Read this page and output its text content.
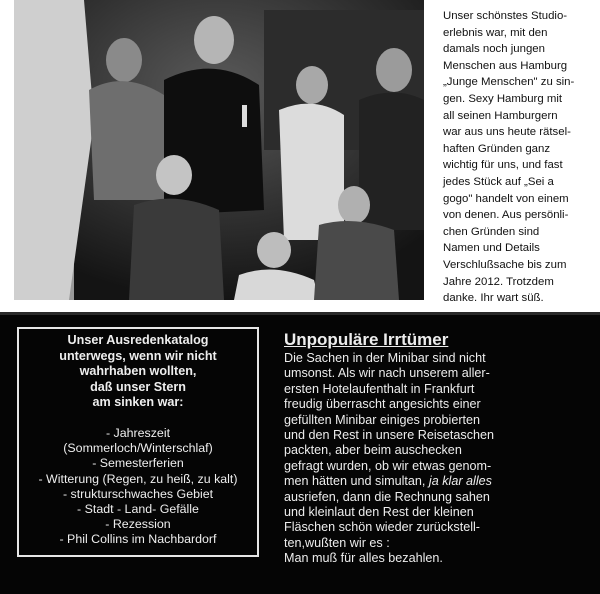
Unser schönstes Studio-
erlebnis war, mit den
damals noch jungen
Menschen aus Hamburg
„Junge Menschen" zu sin-
gen. Sexy Hamburg mit
all seinen Hamburgern
war aus uns heute rätsel-
haften Gründen ganz
wichtig für uns, und fast
jedes Stück auf „Sei a
gogo" handelt von einem
von denen. Aus persönli-
chen Gründen sind
Namen und Details
Verschlußsache bis zum
Jahre 2012. Trotzdem
danke. Ihr wart süß.
Unser Ausredenkatalog
unterwegs, wenn wir nicht
wahrhaben wollten,
daß unser Stern
am sinken war:
- Jahreszeit
(Sommerloch/Winterschlaf)
- Semesterferien
- Witterung (Regen, zu heiß, zu kalt)
- strukturschwaches Gebiet
- Stadt - Land- Gefälle
- Rezession
- Phil Collins im Nachbardorf
Unpopuläre Irrtümer

Die Sachen in der Minibar sind nicht
umsonst. Als wir nach unserem aller-
ersten Hotelaufenthalt in Frankfurt
freudig überrascht angesichts einer
gefüllten Minibar einiges probierten
und den Rest in unsere Reisetaschen
packten, aber beim auschecken
gefragt wurden, ob wir etwas genom-
men hätten und simultan, ja klar alles
ausriefen, dann die Rechnung sahen
und kleinlaut den Rest der kleinen
Fläschen schön wieder zurückstell-
ten,wußten wir es :
Man muß für alles bezahlen.
